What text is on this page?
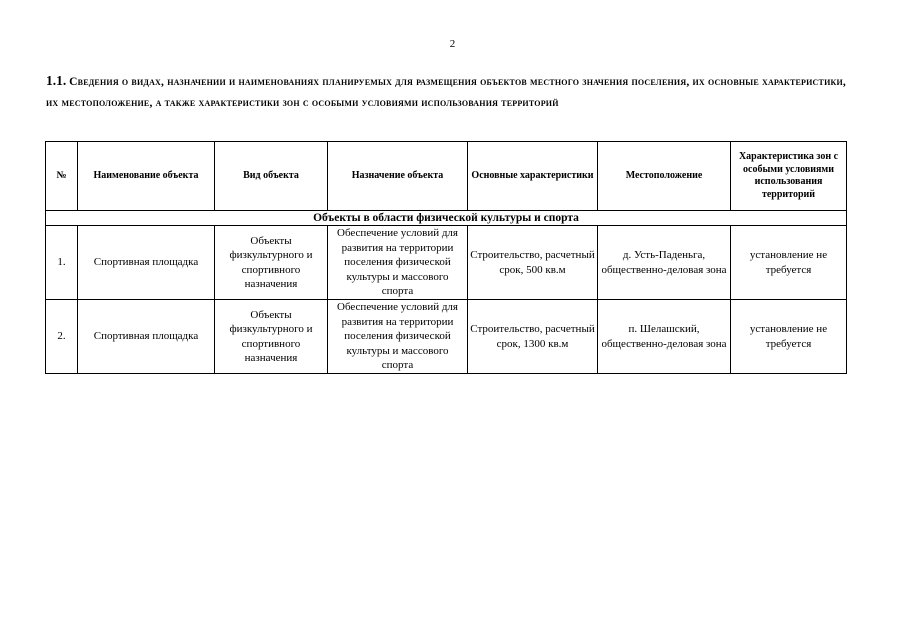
2
1.1. Сведения о видах, назначении и наименованиях планируемых для размещения объектов местного значения поселения, их основные характеристики, их местоположение, а также характеристики зон с особыми условиями использования территорий
№	Наименование объекта	Вид объекта	Назначение объекта	Основные характеристики	Местоположение	Характеристика зон с особыми условиями использования территорий
Объекты в области физической культуры и спорта						
1.	Спортивная площадка	Объекты физкультурного и спортивного назначения	Обеспечение условий для развития на территории поселения физической культуры и массового спорта	Строительство, расчетный срок, 500 кв.м	д. Усть-Паденьга, общественно-деловая зона	установление не требуется
2.	Спортивная площадка	Объекты физкультурного и спортивного назначения	Обеспечение условий для развития на территории поселения физической культуры и массового спорта	Строительство, расчетный срок, 1300 кв.м	п. Шелашский, общественно-деловая зона	установление не требуется
